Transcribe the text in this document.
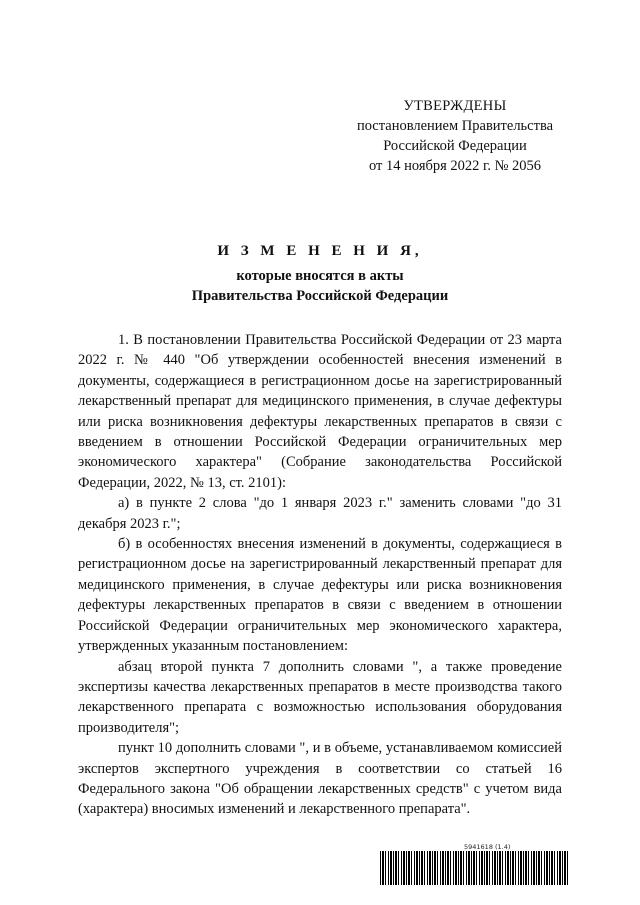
УТВЕРЖДЕНЫ
постановлением Правительства
Российской Федерации
от 14 ноября 2022 г. № 2056
И З М Е Н Е Н И Я,
которые вносятся в акты
Правительства Российской Федерации

1. В постановлении Правительства Российской Федерации от 23 марта 2022 г. № 440 "Об утверждении особенностей внесения изменений в документы, содержащиеся в регистрационном досье на зарегистрированный лекарственный препарат для медицинского применения, в случае дефектуры или риска возникновения дефектуры лекарственных препаратов в связи с введением в отношении Российской Федерации ограничительных мер экономического характера" (Собрание законодательства Российской Федерации, 2022, № 13, ст. 2101):

а) в пункте 2 слова "до 1 января 2023 г." заменить словами "до 31 декабря 2023 г.";

б) в особенностях внесения изменений в документы, содержащиеся в регистрационном досье на зарегистрированный лекарственный препарат для медицинского применения, в случае дефектуры или риска возникновения дефектуры лекарственных препаратов в связи с введением в отношении Российской Федерации ограничительных мер экономического характера, утвержденных указанным постановлением:

абзац второй пункта 7 дополнить словами ", а также проведение экспертизы качества лекарственных препаратов в месте производства такого лекарственного препарата с возможностью использования оборудования производителя";

пункт 10 дополнить словами ", и в объеме, устанавливаемом комиссией экспертов экспертного учреждения в соответствии со статьей 16 Федерального закона "Об обращении лекарственных средств" с учетом вида (характера) вносимых изменений и лекарственного препарата".

5941618 (1.4)
